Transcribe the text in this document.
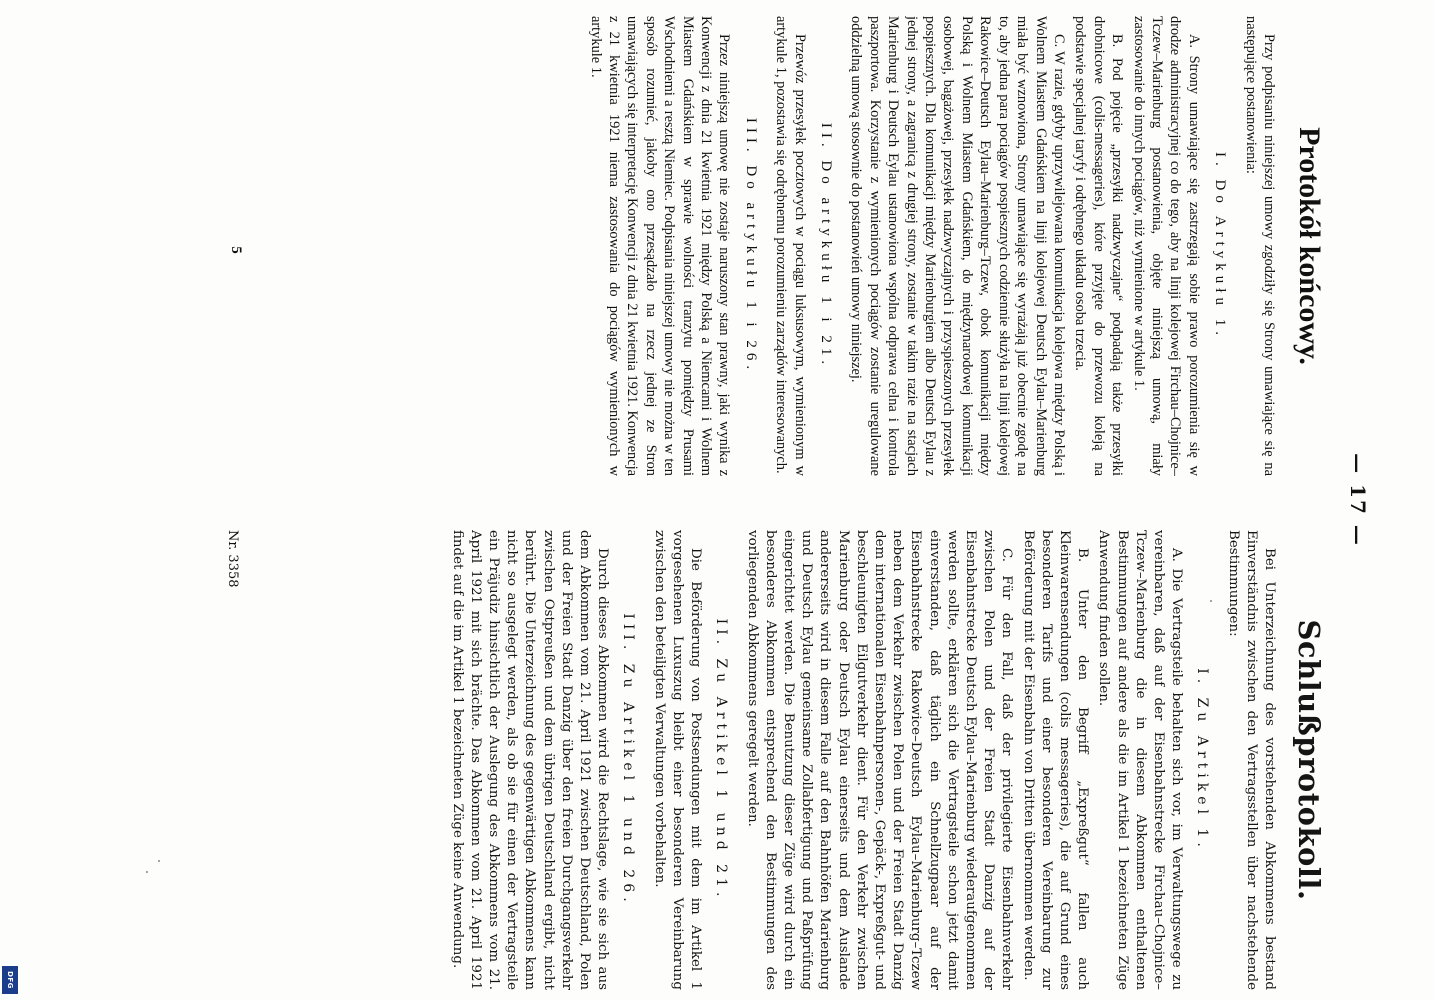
— 17 —
Protokół końcowy.

Przy podpisaniu niniejszej umowy zgodziły się Strony umawiające się na następujące postanowienia:

I. Do Artykułu 1.

A. Strony umawiające się zastrzegają sobie prawo porozumienia się w drodze administracyjnej co do tego, aby na linji kolejowej Firchau–Chojnice–Tczew–Marienburg postanowienia, objęte niniejszą umową, miały zastosowanie do innych pociągów, niż wymienione w artykule 1.

B. Pod pojęcie „przesyłki nadzwyczajne“ podpadają także przesyłki drobnicowe (colis-messageries), które przyjęte do przewozu koleją na podstawie specjalnej taryfy i odrębnego układu osoba trzecia.

C. W razie, gdyby uprzywilejowana komunikacja kolejowa między Polską i Wolnem Miastem Gdańskiem na linji kolejowej Deutsch Eylau–Marienburg miała być wznowiona, Strony umawiające się wyrażają już obecnie zgodę na to, aby jedna para pociągów pospiesznych codziennie służyła na linji kolejowej Rakowice–Deutsch Eylau–Marienburg–Tczew, obok komunikacji między Polską i Wolnem Miastem Gdańskiem, do międzynarodowej komunikacji osobowej, bagażowej, przesyłek nadzwyczajnych i przyspieszonych przesyłek pospiesznych. Dla komunikacji między Marienburgiem albo Deutsch Eylau z jednej strony, a zagranicą z drugiej strony, zostanie w takim razie na stacjach Marienburg i Deutsch Eylau ustanowiona wspólna odprawa celna i kontrola paszportowa. Korzystanie z wymienionych pociągów zostanie uregulowane oddzielną umową stosownie do postanowień umowy niniejszej.

II. Do artykułu 1 i 21.

Przewóz przesyłek pocztowych w pociągu luksusowym, wymienionym w artykule 1, pozostawia się odrębnemu porozumieniu zarządów interesowanych.

III. Do artykułu 1 i 26.

Przez niniejszą umowę nie zostaje naruszony stan prawny, jaki wynika z Konwencji z dnia 21 kwietnia 1921 między Polską a Niemcami i Wolnem Miastem Gdańskiem w sprawie wolności tranzytu pomiędzy Prusami Wschodniemi a resztą Niemiec. Podpisania niniejszej umowy nie można w ten sposób rozumieć, jakoby ono przesądzało na rzecz jednej ze Stron umawiających się interpretację Konwencji z dnia 21 kwietnia 1921. Konwencja z 21 kwietnia 1921 niema zastosowania do pociągów wymienionych w artykule 1.

Schlußprotokoll.

Bei Unterzeichnung des vorstehenden Abkommens bestand Einverständnis zwischen den Vertragsstellen über nachstehende Bestimmungen:

I. Zu Artikel 1.

A. Die Vertragsteile behalten sich vor, im Verwaltungswege zu vereinbaren, daß auf der Eisenbahnstrecke Firchau–Chojnice–Tczew–Marienburg die in diesem Abkommen enthaltenen Bestimmungen auf andere als die im Artikel 1 bezeichneten Züge Anwendung finden sollen.

B. Unter den Begriff „Expreßgut“ fallen auch Kleinwarensendungen (colis messageries), die auf Grund eines besonderen Tarifs und einer besonderen Vereinbarung zur Beförderung mit der Eisenbahn von Dritten übernommen werden.

C. Für den Fall, daß der privilegierte Eisenbahnverkehr zwischen Polen und der Freien Stadt Danzig auf der Eisenbahnstrecke Deutsch Eylau–Marienburg wiederaufgenommen werden sollte, erklären sich die Vertragsteile schon jetzt damit einverstanden, daß täglich ein Schnellzugpaar auf der Eisenbahnstrecke Rakowice–Deutsch Eylau–Marienburg–Tczew neben dem Verkehr zwischen Polen und der Freien Stadt Danzig dem internationalen Eisenbahnpersonen-, Gepäck-, Expreßgut- und beschleunigten Eilgutverkehr dient. Für den Verkehr zwischen Marienburg oder Deutsch Eylau einerseits und dem Auslande andererseits wird in diesem Falle auf den Bahnhöfen Marienburg und Deutsch Eylau gemeinsame Zollabfertigung und Paßprüfung eingerichtet werden. Die Benutzung dieser Züge wird durch ein besonderes Abkommen entsprechend den Bestimmungen des vorliegenden Abkommens geregelt werden.

II. Zu Artikel 1 und 21.

Die Beförderung von Postsendungen mit dem im Artikel 1 vorgesehenen Luxuszug bleibt einer besonderen Vereinbarung zwischen den beteiligten Verwaltungen vorbehalten.

III. Zu Artikel 1 und 26.

Durch dieses Abkommen wird die Rechtslage, wie sie sich aus dem Abkommen vom 21. April 1921 zwischen Deutschland, Polen und der Freien Stadt Danzig über den freien Durchgangsverkehr zwischen Ostpreußen und dem übrigen Deutschland ergibt, nicht berührt. Die Unterzeichnung des gegenwärtigen Abkommens kann nicht so ausgelegt werden, als ob sie für einen der Vertragsteile ein Präjudiz hinsichtlich der Auslegung des Abkommens vom 21. April 1921 mit sich brächte. Das Abkommen vom 21. April 1921 findet auf die im Artikel 1 bezeichneten Züge keine Anwendung.

5
Nr. 3358
DFG
